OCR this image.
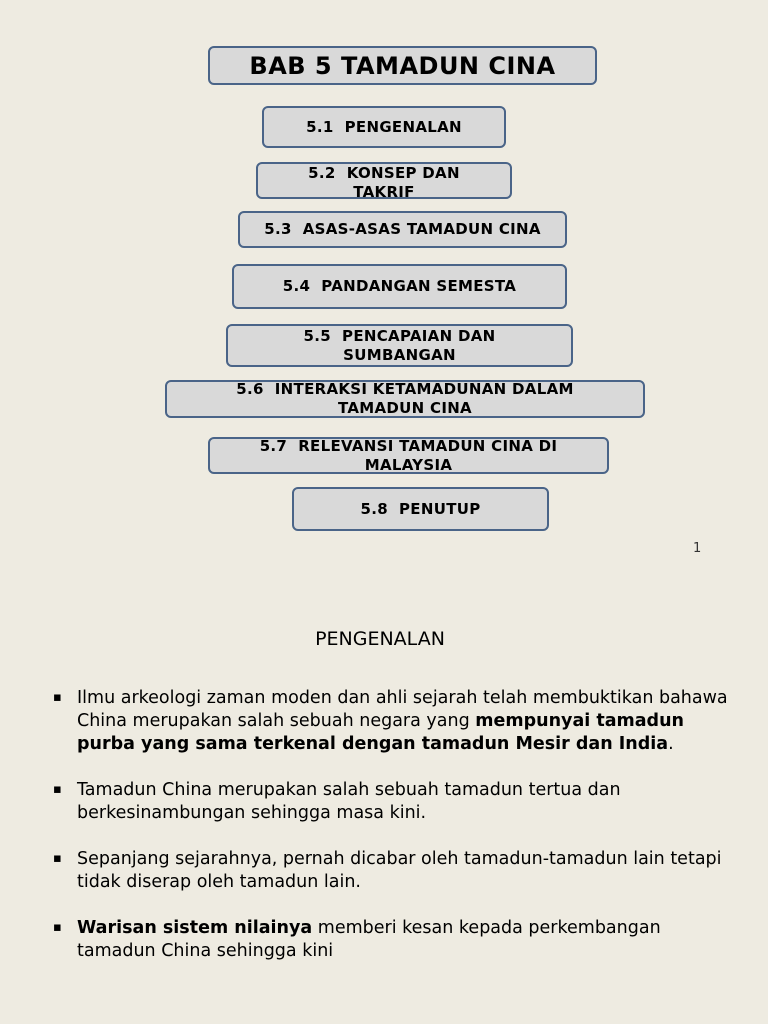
BAB 5 TAMADUN CINA
5.1  PENGENALAN
5.2  KONSEP DAN
TAKRIF
5.3  ASAS-ASAS TAMADUN CINA
5.4  PANDANGAN SEMESTA
5.5  PENCAPAIAN DAN
SUMBANGAN
5.6  INTERAKSI KETAMADUNAN DALAM
TAMADUN CINA
5.7  RELEVANSI TAMADUN CINA DI
MALAYSIA
5.8  PENUTUP
1
PENGENALAN
▪ Ilmu arkeologi zaman moden dan ahli sejarah telah membuktikan bahawa China merupakan salah sebuah negara yang mempunyai tamadun purba yang sama terkenal dengan tamadun Mesir dan India.
▪ Tamadun China merupakan salah sebuah tamadun tertua dan berkesinambungan sehingga masa kini.
▪ Sepanjang sejarahnya, pernah dicabar oleh tamadun-tamadun lain tetapi tidak diserap oleh tamadun lain.
▪ Warisan sistem nilainya memberi kesan kepada perkembangan tamadun China sehingga kini
